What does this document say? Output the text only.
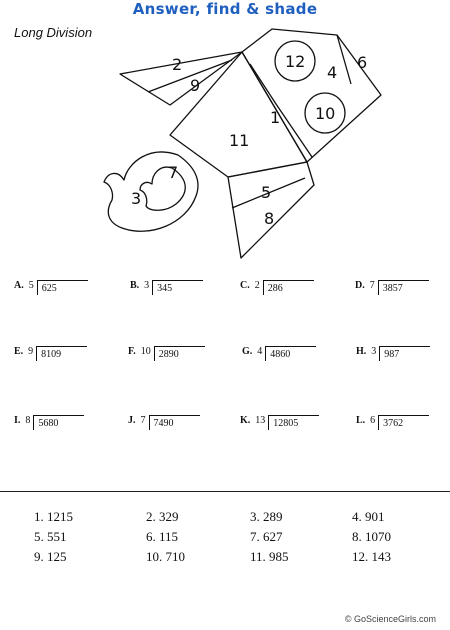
Answer, find & shade
Long Division
2
9
12
4
6
10
1
11
5
8
7
3
A. 5 625	B. 3 345	C. 2 286	D. 7 3857
E. 9 8109	F. 10 2890	G. 4 4860	H. 3 987
I. 8 5680	J. 7 7490	K. 13 12805	L. 6 3762
1. 1215	2. 329	3. 289	4. 901
5. 551	6. 115	7. 627	8. 1070
9. 125	10. 710	11. 985	12. 143
© GoScienceGirls.com
